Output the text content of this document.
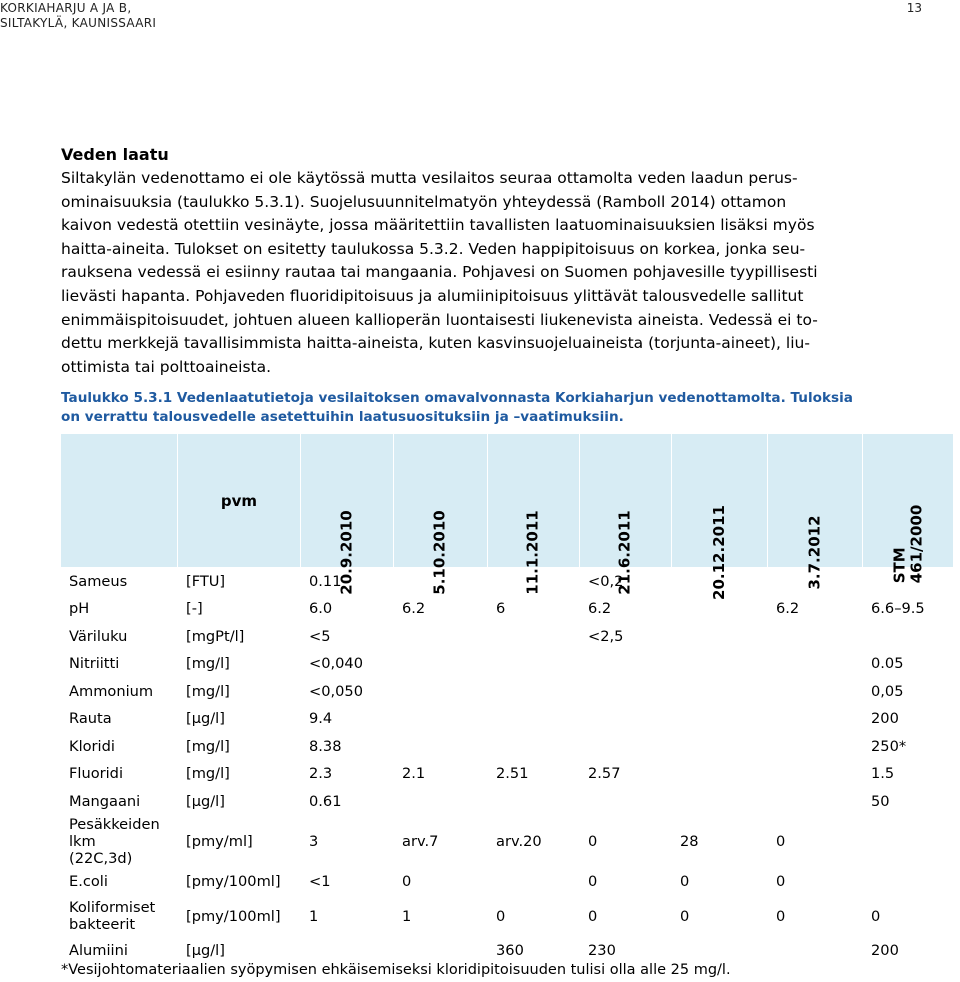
KORKIAHARJU A JA B,
SILTAKYLÄ, KAUNISSAARI
13
Veden laatu
Siltakylän vedenottamo ei ole käytössä mutta vesilaitos seuraa ottamolta veden laadun perus-
ominaisuuksia (taulukko 5.3.1). Suojelusuunnitelmatyön yhteydessä (Ramboll 2014) ottamon
kaivon vedestä otettiin vesinäyte, jossa määritettiin tavallisten laatuominaisuuksien lisäksi myös
haitta-aineita. Tulokset on esitetty taulukossa 5.3.2. Veden happipitoisuus on korkea, jonka seu-
rauksena vedessä ei esiinny rautaa tai mangaania. Pohjavesi on Suomen pohjavesille tyypillisesti
lievästi hapanta. Pohjaveden fluoridipitoisuus ja alumiinipitoisuus ylittävät talousvedelle sallitut
enimmäispitoisuudet, johtuen alueen kallioperän luontaisesti liukenevista aineista. Vedessä ei to-
dettu merkkejä tavallisimmista haitta-aineista, kuten kasvinsuojeluaineista (torjunta-aineet), liu-
ottimista tai polttoaineista.
Taulukko 5.3.1 Vedenlaatutietoja vesilaitoksen omavalvonnasta Korkiaharjun vedenottamolta. Tuloksia
on verrattu talousvedelle asetettuihin laatusuosituksiin ja –vaatimuksiin.
	pvm	20.9.2010	5.10.2010	11.1.2011	21.6.2011	20.12.2011	3.7.2012	STM 461/2000

Sameus	[FTU]	0.11			<0,2			

pH	[-]	6.0	6.2	6	6.2		6.2	6.6–9.5

Väriluku	[mgPt/l]	<5			<2,5			

Nitriitti	[mg/l]	<0,040						0.05

Ammonium	[mg/l]	<0,050						0,05

Rauta	[µg/l]	9.4						200

Kloridi	[mg/l]	8.38						250*

Fluoridi	[mg/l]	2.3	2.1	2.51	2.57			1.5

Mangaani	[µg/l]	0.61						50

Pesäkkeiden
lkm
(22C,3d)	[pmy/ml]	3	arv.7	arv.20	0	28	0	

E.coli	[pmy/100ml]	<1	0		0	0	0	

Koliformiset
bakteerit	[pmy/100ml]	1	1	0	0	0	0	0

Alumiini	[µg/l]			360	230			200
*Vesijohtomateriaalien syöpymisen ehkäisemiseksi kloridipitoisuuden tulisi olla alle 25 mg/l.
